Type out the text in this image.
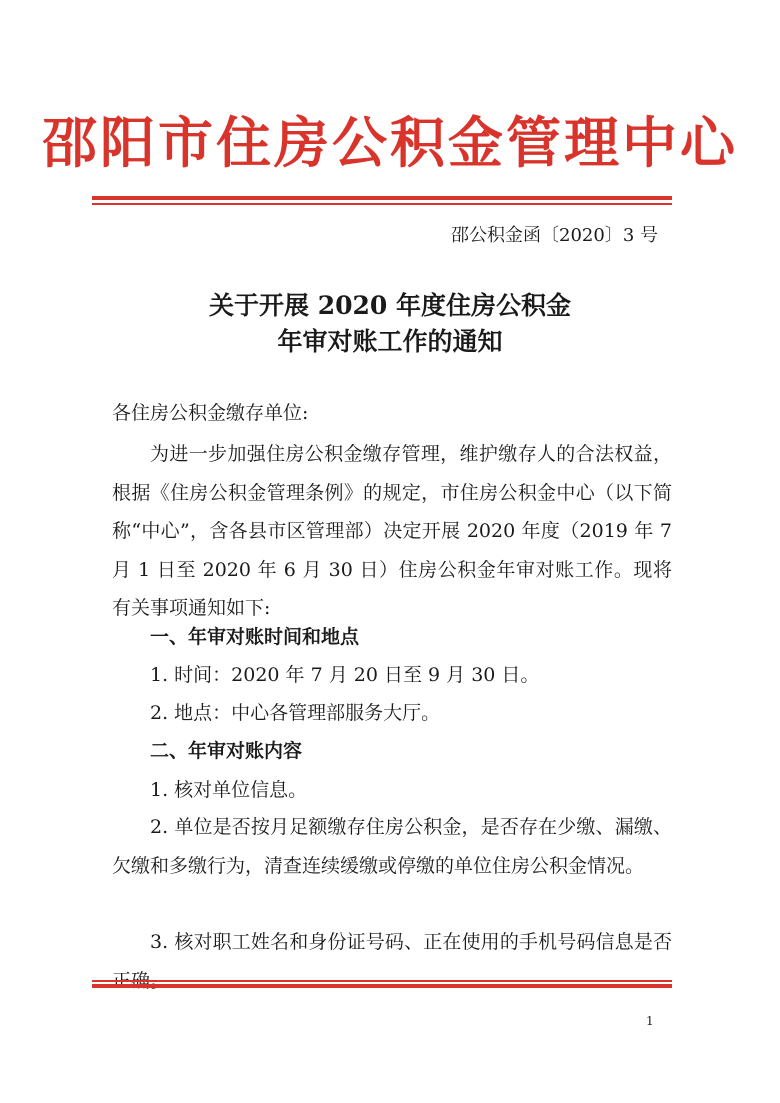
邵阳市住房公积金管理中心
邵公积金函〔2020〕3 号
关于开展 2020 年度住房公积金
年审对账工作的通知

各住房公积金缴存单位:

为进一步加强住房公积金缴存管理，维护缴存人的合法权益，根据《住房公积金管理条例》的规定，市住房公积金中心（以下简称“中心”，含各县市区管理部）决定开展 2020 年度（2019 年 7 月 1 日至 2020 年 6 月 30 日）住房公积金年审对账工作。现将有关事项通知如下:

一、年审对账时间和地点

1. 时间：2020 年 7 月 20 日至 9 月 30 日。

2. 地点：中心各管理部服务大厅。

二、年审对账内容

1. 核对单位信息。

2. 单位是否按月足额缴存住房公积金，是否存在少缴、漏缴、欠缴和多缴行为，清查连续缓缴或停缴的单位住房公积金情况。

3. 核对职工姓名和身份证号码、正在使用的手机号码信息是否

1
